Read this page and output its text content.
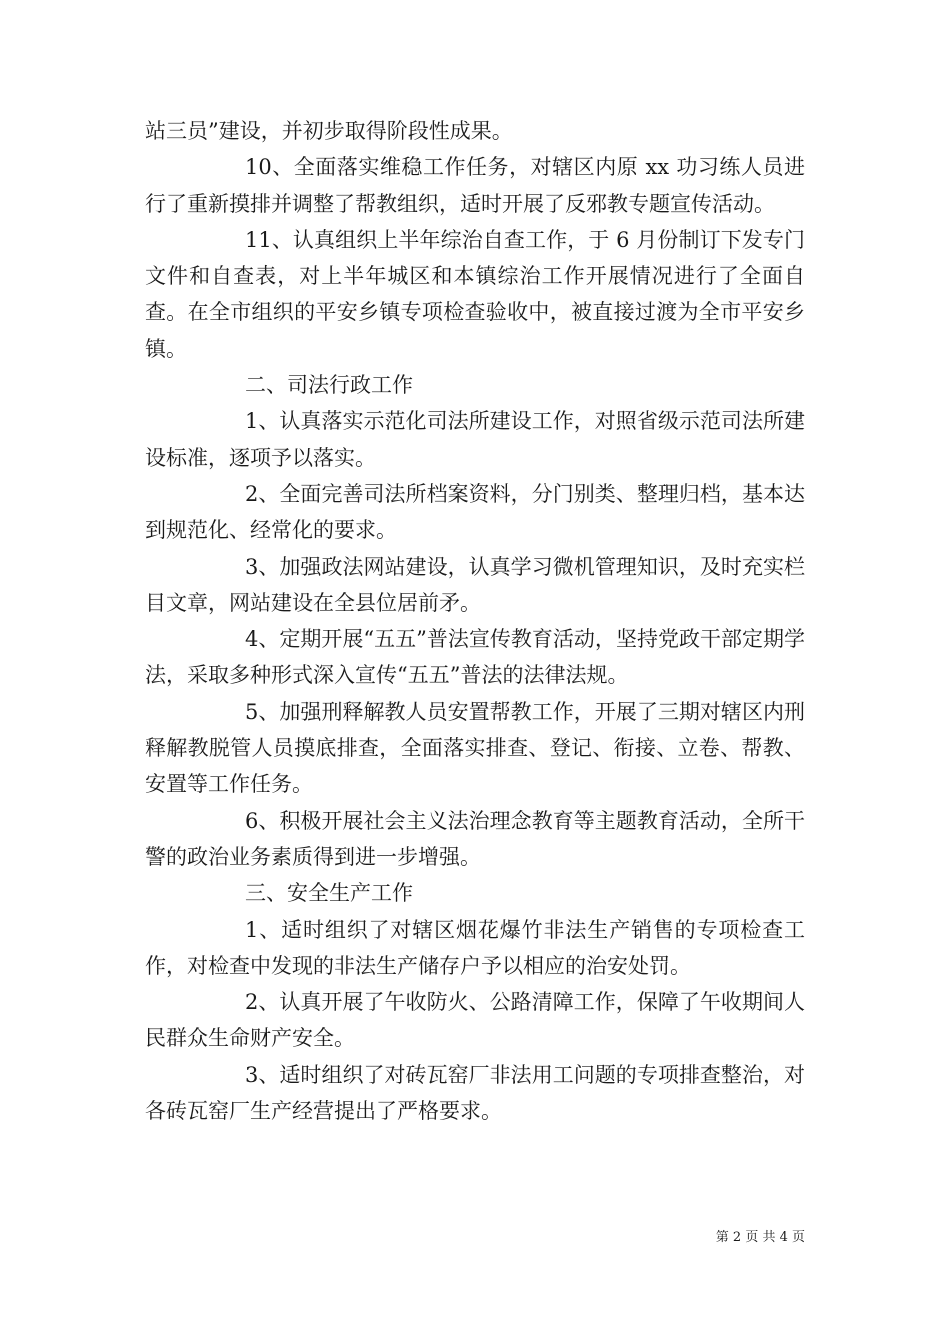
站三员”建设，并初步取得阶段性成果。

10、全面落实维稳工作任务，对辖区内原 xx 功习练人员进行了重新摸排并调整了帮教组织，适时开展了反邪教专题宣传活动。

11、认真组织上半年综治自查工作，于 6 月份制订下发专门文件和自查表，对上半年城区和本镇综治工作开展情况进行了全面自查。在全市组织的平安乡镇专项检查验收中，被直接过渡为全市平安乡镇。

二、司法行政工作

1、认真落实示范化司法所建设工作，对照省级示范司法所建设标准，逐项予以落实。

2、全面完善司法所档案资料，分门别类、整理归档，基本达到规范化、经常化的要求。

3、加强政法网站建设，认真学习微机管理知识，及时充实栏目文章，网站建设在全县位居前矛。

4、定期开展“五五”普法宣传教育活动，坚持党政干部定期学法，采取多种形式深入宣传“五五”普法的法律法规。

5、加强刑释解教人员安置帮教工作，开展了三期对辖区内刑释解教脱管人员摸底排查，全面落实排查、登记、衔接、立卷、帮教、安置等工作任务。

6、积极开展社会主义法治理念教育等主题教育活动，全所干警的政治业务素质得到进一步增强。

三、安全生产工作

1、适时组织了对辖区烟花爆竹非法生产销售的专项检查工作，对检查中发现的非法生产储存户予以相应的治安处罚。

2、认真开展了午收防火、公路清障工作，保障了午收期间人民群众生命财产安全。

3、适时组织了对砖瓦窑厂非法用工问题的专项排查整治，对各砖瓦窑厂生产经营提出了严格要求。

第 2 页 共 4 页
